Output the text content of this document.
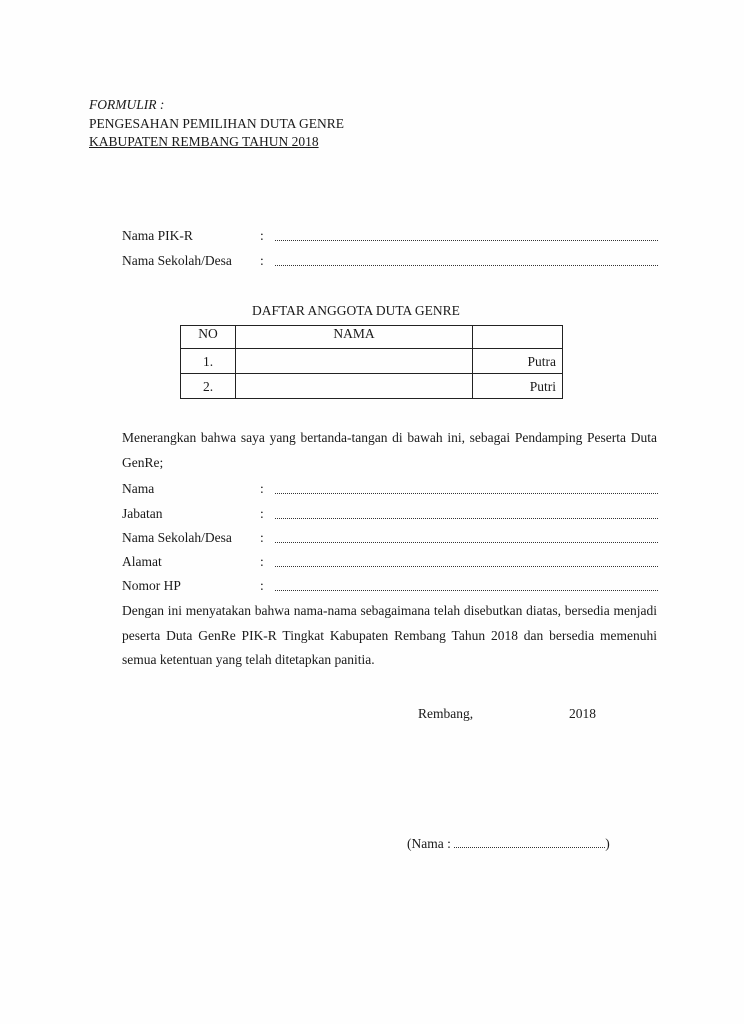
FORMULIR :
PENGESAHAN PEMILIHAN DUTA GENRE
KABUPATEN REMBANG TAHUN 2018
Nama PIK-R	:
Nama Sekolah/Desa :
DAFTAR ANGGOTA DUTA GENRE
NO	NAMA	
1.		Putra
2.		Putri
Menerangkan bahwa saya yang bertanda-tangan di bawah ini, sebagai Pendamping Peserta Duta GenRe;
Nama	:
Jabatan	:
Nama Sekolah/Desa :
Alamat	:
Nomor HP	:
Dengan ini menyatakan bahwa nama-nama sebagaimana telah disebutkan diatas, bersedia menjadi peserta Duta GenRe PIK-R Tingkat Kabupaten Rembang Tahun 2018 dan bersedia memenuhi semua ketentuan yang telah ditetapkan panitia.
Rembang,	2018
(Nama :	)
